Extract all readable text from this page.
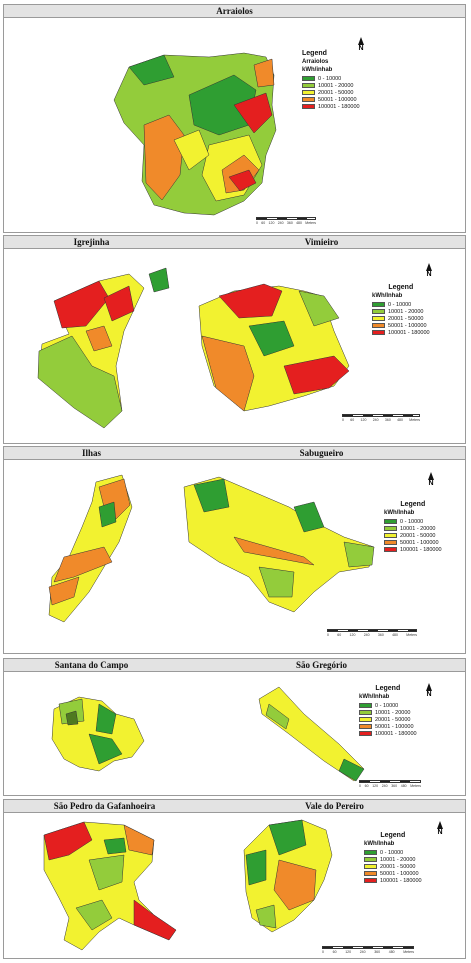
Arraiolos
N
Legend
Arraiolos
kWh/inhab
0 - 10000
10001 - 20000
20001 - 50000
50001 - 100000
100001 - 180000
0 60 120 240 360 480 Meters
Igrejinha	Vimieiro
N
Legend
kWh/Inhab
0 - 10000
10001 - 20000
20001 - 50000
50001 - 100000
100001 - 180000
0 60 120 240 360 480 Meters
Ilhas	Sabugueiro
N
Legend
kWh/Inhab
0 - 10000
10001 - 20000
20001 - 50000
50001 - 100000
100001 - 180000
0 60 120 240 360 480 Meters
Santana do Campo	São Gregório
N
Legend
kWh/Inhab
0 - 10000
10001 - 20000
20001 - 50000
50001 - 100000
100001 - 180000
0 60 120 240 360 480 Meters
São Pedro da Gafanhoeira	Vale do Pereiro
N
Legend
kWh/Inhab
0 - 10000
10001 - 20000
20001 - 50000
50001 - 100000
100001 - 180000
0 60 120 240 360 480 Meters
